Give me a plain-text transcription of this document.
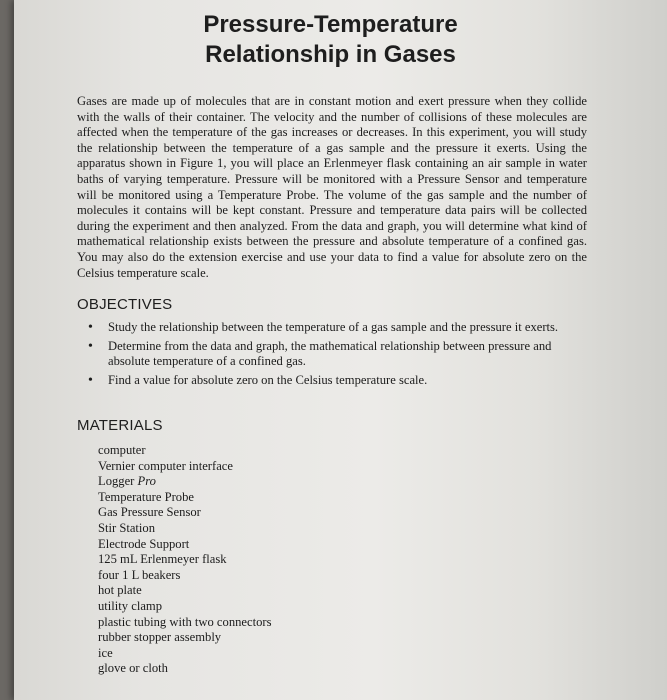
Pressure-Temperature
Relationship in Gases

Gases are made up of molecules that are in constant motion and exert pressure when they collide with the walls of their container. The velocity and the number of collisions of these molecules are affected when the temperature of the gas increases or decreases. In this experiment, you will study the relationship between the temperature of a gas sample and the pressure it exerts. Using the apparatus shown in Figure 1, you will place an Erlenmeyer flask containing an air sample in water baths of varying temperature. Pressure will be monitored with a Pressure Sensor and temperature will be monitored using a Temperature Probe. The volume of the gas sample and the number of molecules it contains will be kept constant. Pressure and temperature data pairs will be collected during the experiment and then analyzed. From the data and graph, you will determine what kind of mathematical relationship exists between the pressure and absolute temperature of a confined gas. You may also do the extension exercise and use your data to find a value for absolute zero on the Celsius temperature scale.

OBJECTIVES
• Study the relationship between the temperature of a gas sample and the pressure it exerts.
• Determine from the data and graph, the mathematical relationship between pressure and absolute temperature of a confined gas.
• Find a value for absolute zero on the Celsius temperature scale.
MATERIALS
computer
Vernier computer interface
Logger Pro
Temperature Probe
Gas Pressure Sensor
Stir Station
Electrode Support
125 mL Erlenmeyer flask
four 1 L beakers
hot plate
utility clamp
plastic tubing with two connectors
rubber stopper assembly
ice
glove or cloth
